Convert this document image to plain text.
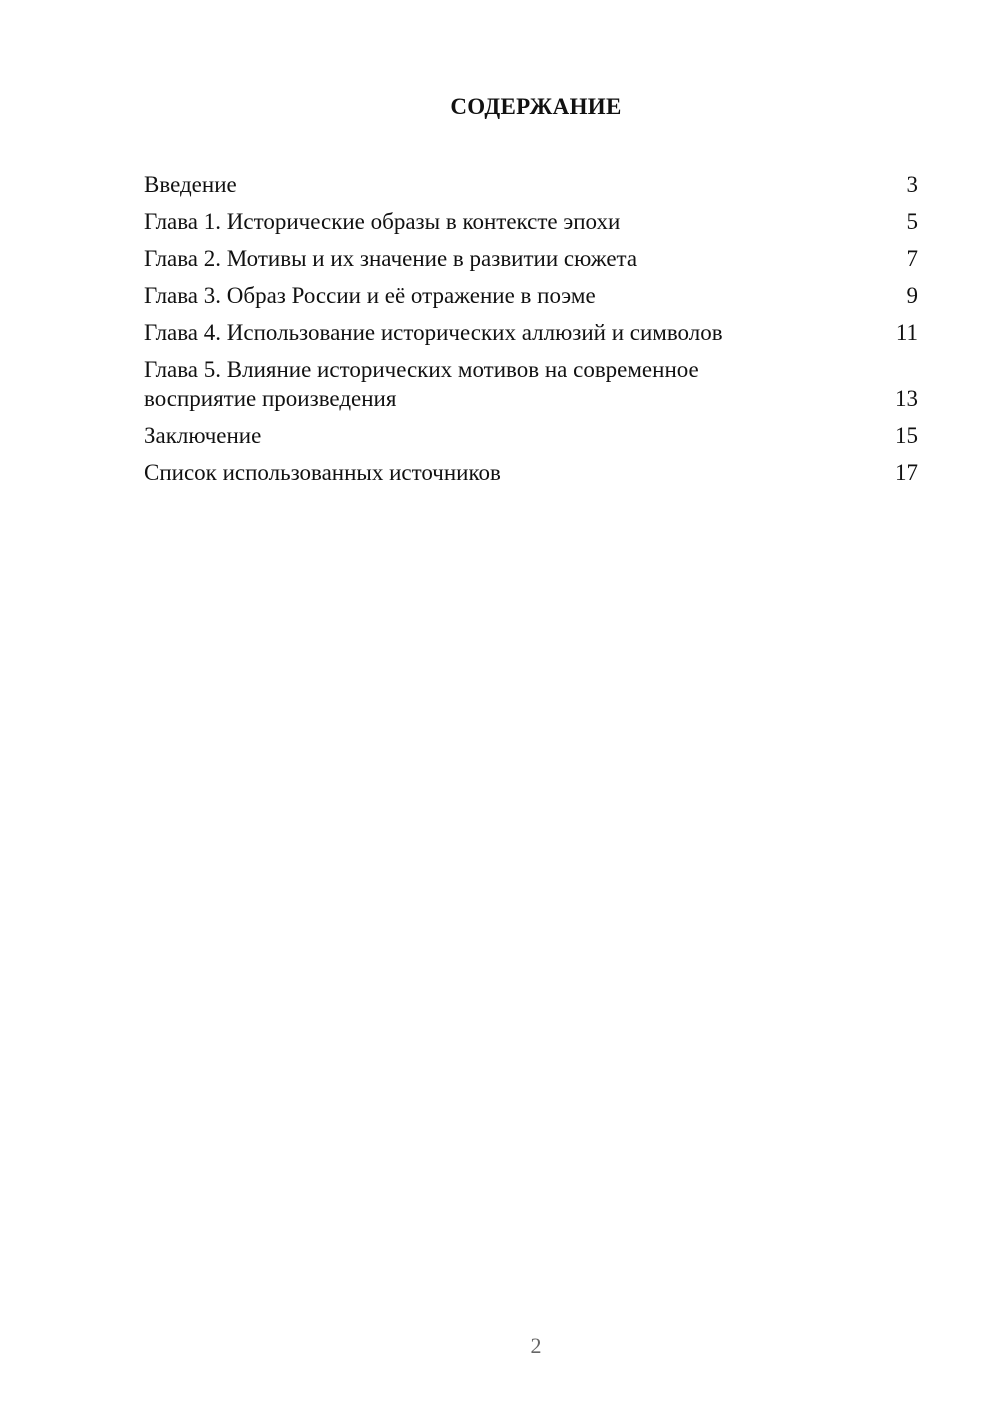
СОДЕРЖАНИЕ
Введение	3
Глава 1. Исторические образы в контексте эпохи	5
Глава 2. Мотивы и их значение в развитии сюжета	7
Глава 3. Образ России и её отражение в поэме	9
Глава 4. Использование исторических аллюзий и символов	11
Глава 5. Влияние исторических мотивов на современное восприятие произведения	13
Заключение	15
Список использованных источников	17
2
